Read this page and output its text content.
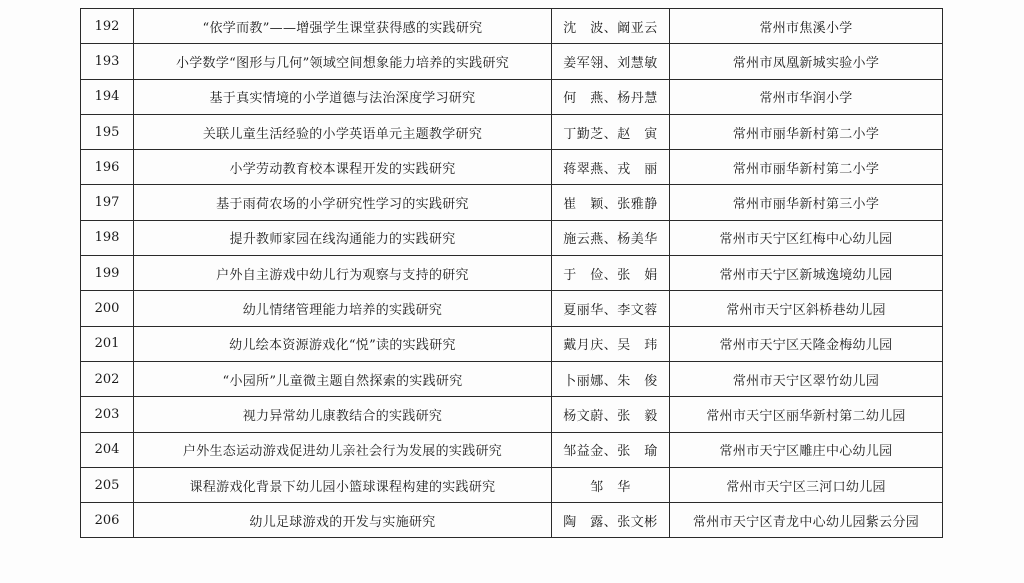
192	“依学而教”——增强学生课堂获得感的实践研究	沈　波、阚亚云	常州市焦溪小学
193	小学数学“图形与几何”领域空间想象能力培养的实践研究	姜军翎、刘慧敏	常州市凤凰新城实验小学
194	基于真实情境的小学道德与法治深度学习研究	何　燕、杨丹慧	常州市华润小学
195	关联儿童生活经验的小学英语单元主题教学研究	丁勤芝、赵　寅	常州市丽华新村第二小学
196	小学劳动教育校本课程开发的实践研究	蒋翠燕、戎　丽	常州市丽华新村第二小学
197	基于雨荷农场的小学研究性学习的实践研究	崔　颖、张雅静	常州市丽华新村第三小学
198	提升教师家园在线沟通能力的实践研究	施云燕、杨美华	常州市天宁区红梅中心幼儿园
199	户外自主游戏中幼儿行为观察与支持的研究	于　俭、张　娟	常州市天宁区新城逸境幼儿园
200	幼儿情绪管理能力培养的实践研究	夏丽华、李文蓉	常州市天宁区斜桥巷幼儿园
201	幼儿绘本资源游戏化“悦”读的实践研究	戴月庆、吴　玮	常州市天宁区天隆金梅幼儿园
202	“小园所”儿童微主题自然探索的实践研究	卜丽娜、朱　俊	常州市天宁区翠竹幼儿园
203	视力异常幼儿康教结合的实践研究	杨文蔚、张　毅	常州市天宁区丽华新村第二幼儿园
204	户外生态运动游戏促进幼儿亲社会行为发展的实践研究	邹益金、张　瑜	常州市天宁区雕庄中心幼儿园
205	课程游戏化背景下幼儿园小篮球课程构建的实践研究	邹　华	常州市天宁区三河口幼儿园
206	幼儿足球游戏的开发与实施研究	陶　露、张文彬	常州市天宁区青龙中心幼儿园紫云分园
